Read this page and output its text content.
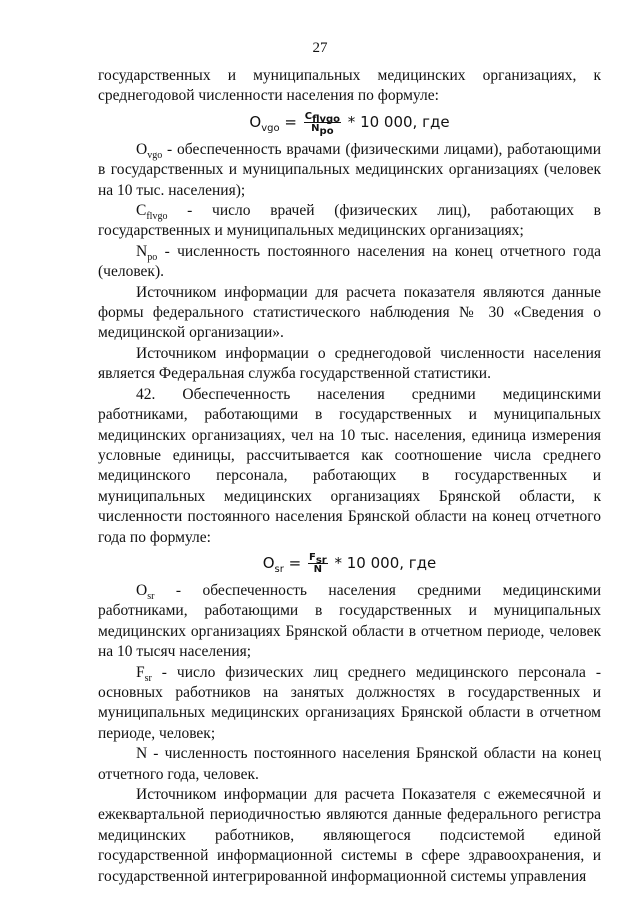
27

государственных и муниципальных медицинских организациях, к среднегодовой численности населения по формуле:

$O_{vgo} = \frac{C_{flvgo}}{N_{po}} * 10$ 000, где

$O_{vgo}$ - обеспеченность врачами (физическими лицами), работающими в государственных и муниципальных медицинских организациях (человек на 10 тыс. населения);

$C_{flvgo}$ - число врачей (физических лиц), работающих в государственных и муниципальных медицинских организациях;

$N_{po}$ - численность постоянного населения на конец отчетного года (человек).

Источником информации для расчета показателя являются данные формы федерального статистического наблюдения № 30 «Сведения о медицинской организации».

Источником информации о среднегодовой численности населения является Федеральная служба государственной статистики.

42. Обеспеченность населения средними медицинскими работниками, работающими в государственных и муниципальных медицинских организациях, чел на 10 тыс. населения, единица измерения условные единицы, рассчитывается как соотношение числа среднего медицинского персонала, работающих в государственных и муниципальных медицинских организациях Брянской области, к численности постоянного населения Брянской области на конец отчетного года по формуле:

$O_{sr} = \frac{F_{sr}}{N} * 10$ 000, где

$O_{sr}$ - обеспеченность населения средними медицинскими работниками, работающими в государственных и муниципальных медицинских организациях Брянской области в отчетном периоде, человек на 10 тысяч населения;

$F_{sr}$ - число физических лиц среднего медицинского персонала - основных работников на занятых должностях в государственных и муниципальных медицинских организациях Брянской области в отчетном периоде, человек;

N - численность постоянного населения Брянской области на конец отчетного года, человек.

Источником информации для расчета Показателя с ежемесячной и ежеквартальной периодичностью являются данные федерального регистра медицинских работников, являющегося подсистемой единой государственной информационной системы в сфере здравоохранения, и государственной интегрированной информационной системы управления
